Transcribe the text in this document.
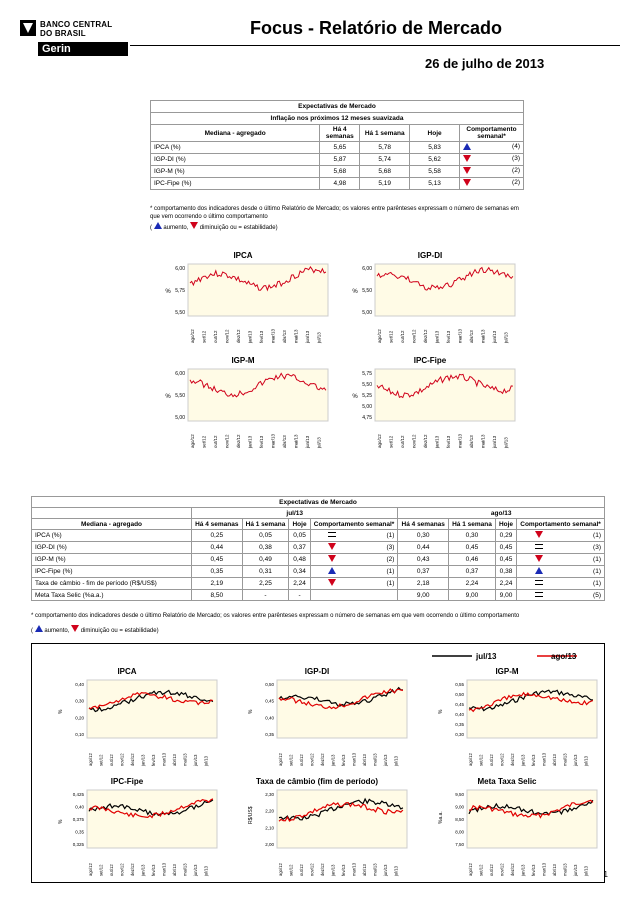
BANCO CENTRAL
DO BRASIL
Gerin
Focus - Relatório de Mercado
26 de julho de 2013
Expectativas de Mercado				
Inflação nos próximos 12 meses suavizada				
Mediana - agregado	Há 4 semanas	Há 1 semana	Hoje	Comportamento semanal*
IPCA (%)	5,65	5,78	5,83	(4)

IGP-DI (%)	5,87	5,74	5,62	(3)

IGP-M (%)	5,68	5,68	5,58	(2)

IPC-Fipe (%)	4,98	5,19	5,13	(2)
* comportamento dos indicadores desde o último Relatório de Mercado; os valores entre parênteses expressam o número de semanas em que vem ocorrendo o último comportamento
( aumento, diminuição ou = estabilidade)
IPCA
%
5,50
5,75
6,00
ago/12 set/12 out/12 nov/12 dez/12 jan/13 fev/13 mar/13 abr/13 mai/13 jun/13 jul/13
IGP-DI
%
5,00
5,50
6,00
ago/12 set/12 out/12 nov/12 dez/12 jan/13 fev/13 mar/13 abr/13 mai/13 jun/13 jul/13
IGP-M
%
5,00
5,50
6,00
ago/12 set/12 out/12 nov/12 dez/12 jan/13 fev/13 mar/13 abr/13 mai/13 jun/13 jul/13
IPC-Fipe
%
4,75
5,00
5,25
5,50
5,75
ago/12 set/12 out/12 nov/12 dez/12 jan/13 fev/13 mar/13 abr/13 mai/13 jun/13 jul/13
Expectativas de Mercado										
	jul/13					ago/13				
Mediana - agregado	Há 4 semanas	Há 1 semana	Hoje	Comportamento semanal*		Há 4 semanas	Há 1 semana	Hoje	Comportamento semanal*	
IPCA (%)	0,25	0,05	0,05		(1)	0,30	0,30	0,29		(1)
IGP-DI (%)	0,44	0,38	0,37		(3)	0,44	0,45	0,45		(3)
IGP-M (%)	0,45	0,49	0,48		(2)	0,43	0,46	0,45		(1)
IPC-Fipe (%)	0,35	0,31	0,34		(1)	0,37	0,37	0,38		(1)
Taxa de câmbio - fim de período (R$/US$)	2,19	2,25	2,24		(1)	2,18	2,24	2,24		(1)
Meta Taxa Selic (%a.a.)	8,50	-	-			9,00	9,00	9,00		(5)
* comportamento dos indicadores desde o último Relatório de Mercado; os valores entre parênteses expressam o número de semanas em que vem ocorrendo o último comportamento
( aumento, diminuição ou = estabilidade)
jul/13	ago/13
IPCA
%
0,10
0,20
0,30
0,40
ago/12 set/12 out/12 nov/12 dez/12 jan/13 fev/13 mar/13 abr/13 mai/13 jun/13 jul/13
IGP-DI
%
0,35
0,40
0,45
0,50
ago/12 set/12 out/12 nov/12 dez/12 jan/13 fev/13 mar/13 abr/13 mai/13 jun/13 jul/13
IGP-M
%
0,30
0,35
0,40
0,45
0,50
0,55
ago/12 set/12 out/12 nov/12 dez/12 jan/13 fev/13 mar/13 abr/13 mai/13 jun/13 jul/13
IPC-Fipe
%
0,325
0,35
0,375
0,40
0,425
ago/12 set/12 out/12 nov/12 dez/12 jan/13 fev/13 mar/13 abr/13 mai/13 jun/13 jul/13
Taxa de câmbio (fim de período)
R$/US$
2,00
2,10
2,20
2,30
ago/12 set/12 out/12 nov/12 dez/12 jan/13 fev/13 mar/13 abr/13 mai/13 jun/13 jul/13
Meta Taxa Selic
%a.a.
7,50
8,00
8,50
9,00
9,50
ago/12 set/12 out/12 nov/12 dez/12 jan/13 fev/13 mar/13 abr/13 mai/13 jun/13 jul/13 1
